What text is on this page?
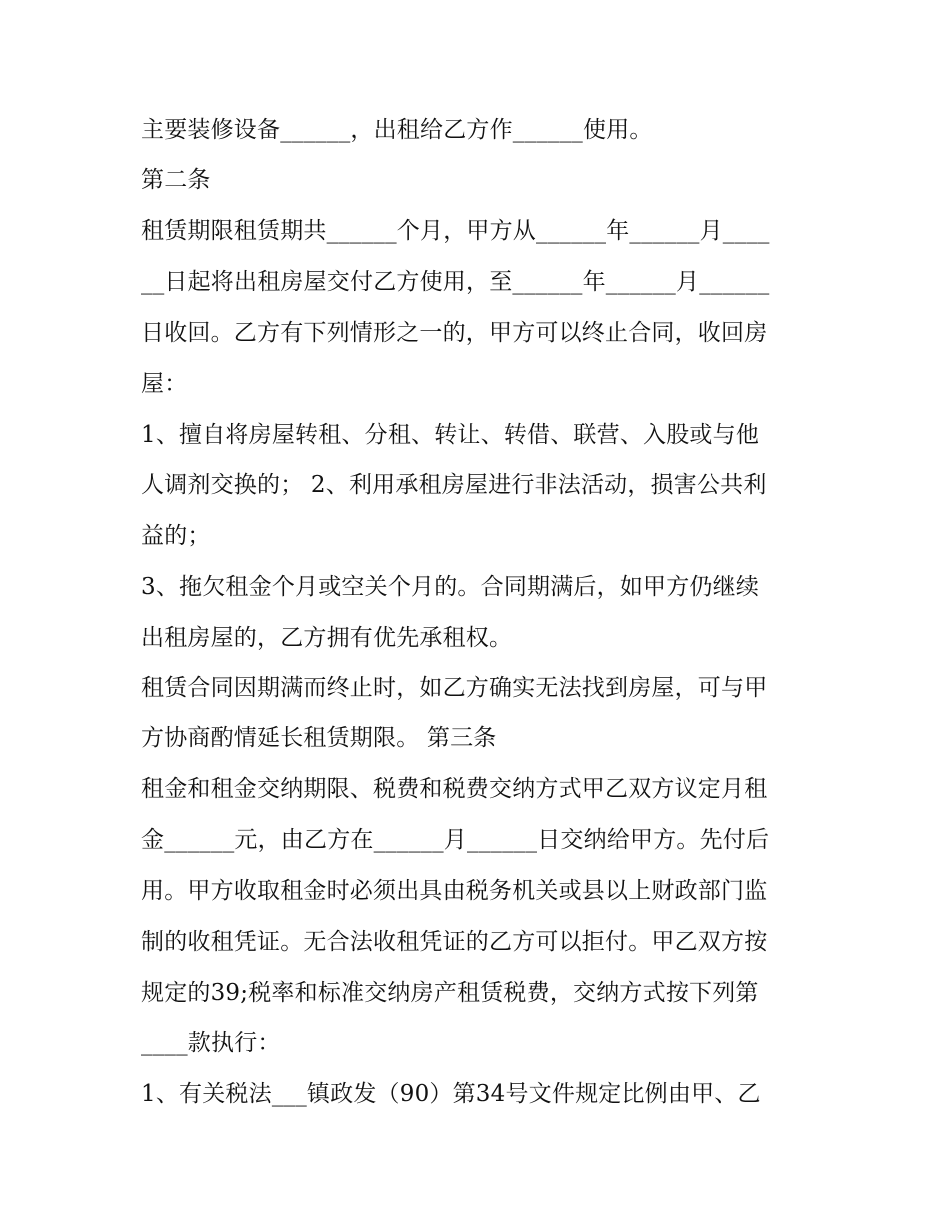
主要装修设备______，出租给乙方作______使用。
第二条
租赁期限租赁期共______个月，甲方从______年______月____
__日起将出租房屋交付乙方使用，至______年______月______
日收回。乙方有下列情形之一的，甲方可以终止合同，收回房
屋：
1、擅自将房屋转租、分租、转让、转借、联营、入股或与他
人调剂交换的； 2、利用承租房屋进行非法活动，损害公共利
益的；
3、拖欠租金个月或空关个月的。合同期满后，如甲方仍继续
出租房屋的，乙方拥有优先承租权。
租赁合同因期满而终止时，如乙方确实无法找到房屋，可与甲
方协商酌情延长租赁期限。 第三条
租金和租金交纳期限、税费和税费交纳方式甲乙双方议定月租
金______元，由乙方在______月______日交纳给甲方。先付后
用。甲方收取租金时必须出具由税务机关或县以上财政部门监
制的收租凭证。无合法收租凭证的乙方可以拒付。甲乙双方按
规定的39;税率和标准交纳房产租赁税费，交纳方式按下列第
____款执行：
1、有关税法___镇政发（90）第34号文件规定比例由甲、乙
